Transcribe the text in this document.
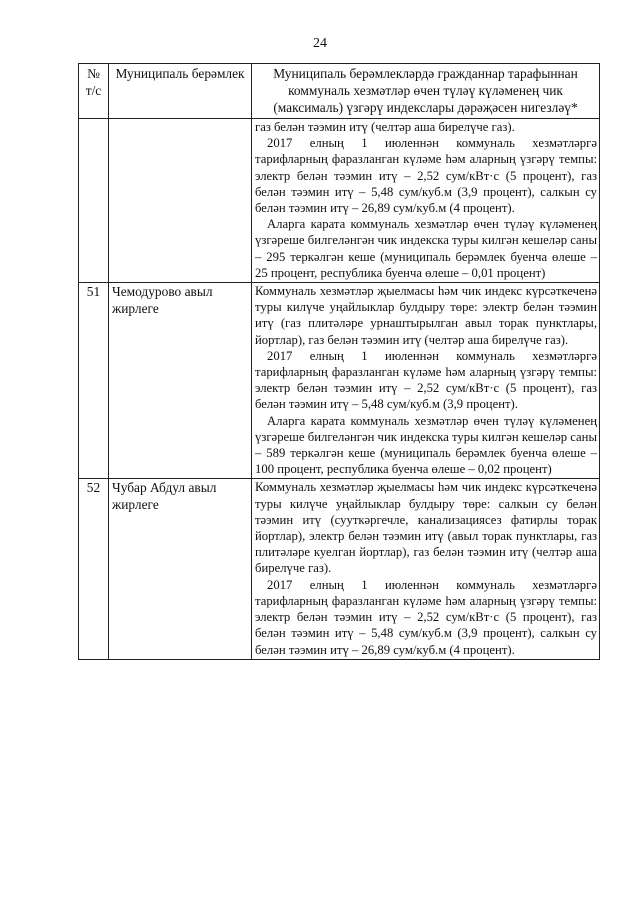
24
№ т/с	Муниципаль берәмлек	Муниципаль берәмлекләрдә гражданнар тарафыннан коммуналь хезмәтләр өчен түләү күләменең чик (максималь) үзгәрү индекслары дәрәҗәсен нигезләү*

		газ белән тәэмин итү (челтәр аша бирелүче газ).

2017 елның 1 июленнән коммуналь хезмәтләргә тарифларның фаразланган күләме һәм аларның үзгәрү темпы: электр белән тәэмин итү – 2,52 сум/кВт·с (5 процент), газ белән тәэмин итү – 5,48 сум/куб.м (3,9 процент), салкын су белән тәэмин итү – 26,89 сум/куб.м (4 процент).

Аларга карата коммуналь хезмәтләр өчен түләү күләменең үзгәреше билгеләнгән чик индекска туры килгән кешеләр саны – 295 теркәлгән кеше (муниципаль берәмлек буенча өлеше – 25 процент, республика буенча өлеше – 0,01 процент)

51	Чемодурово авыл жирлеге	Коммуналь хезмәтләр җыелмасы һәм чик индекс күрсәткеченә туры килүче уңайлыклар булдыру төре: электр белән тәэмин итү (газ плитәләре урнаштырылган авыл торак пунктлары, йортлар), газ белән тәэмин итү (челтәр аша бирелүче газ).

2017 елның 1 июленнән коммуналь хезмәтләргә тарифларның фаразланган күләме һәм аларның үзгәрү темпы: электр белән тәэмин итү – 2,52 сум/кВт·с (5 процент), газ белән тәэмин итү – 5,48 сум/куб.м (3,9 процент).

Аларга карата коммуналь хезмәтләр өчен түләү күләменең үзгәреше билгеләнгән чик индекска туры килгән кешеләр саны – 589 теркәлгән кеше (муниципаль берәмлек буенча өлеше – 100 процент, республика буенча өлеше – 0,02 процент)

52	Чубар Абдул авыл жирлеге	Коммуналь хезмәтләр җыелмасы һәм чик индекс күрсәткеченә туры килүче уңайлыклар булдыру төре: салкын су белән тәэмин итү (сууткәргечле, канализациясез фатирлы торак йортлар), электр белән тәэмин итү (авыл торак пунктлары, газ плитәләре куелган йортлар), газ белән тәэмин итү (челтәр аша бирелүче газ).

2017 елның 1 июленнән коммуналь хезмәтләргә тарифларның фаразланган күләме һәм аларның үзгәрү темпы: электр белән тәэмин итү – 2,52 сум/кВт·с (5 процент), газ белән тәэмин итү – 5,48 сум/куб.м (3,9 процент), салкын су белән тәэмин итү – 26,89 сум/куб.м (4 процент).
